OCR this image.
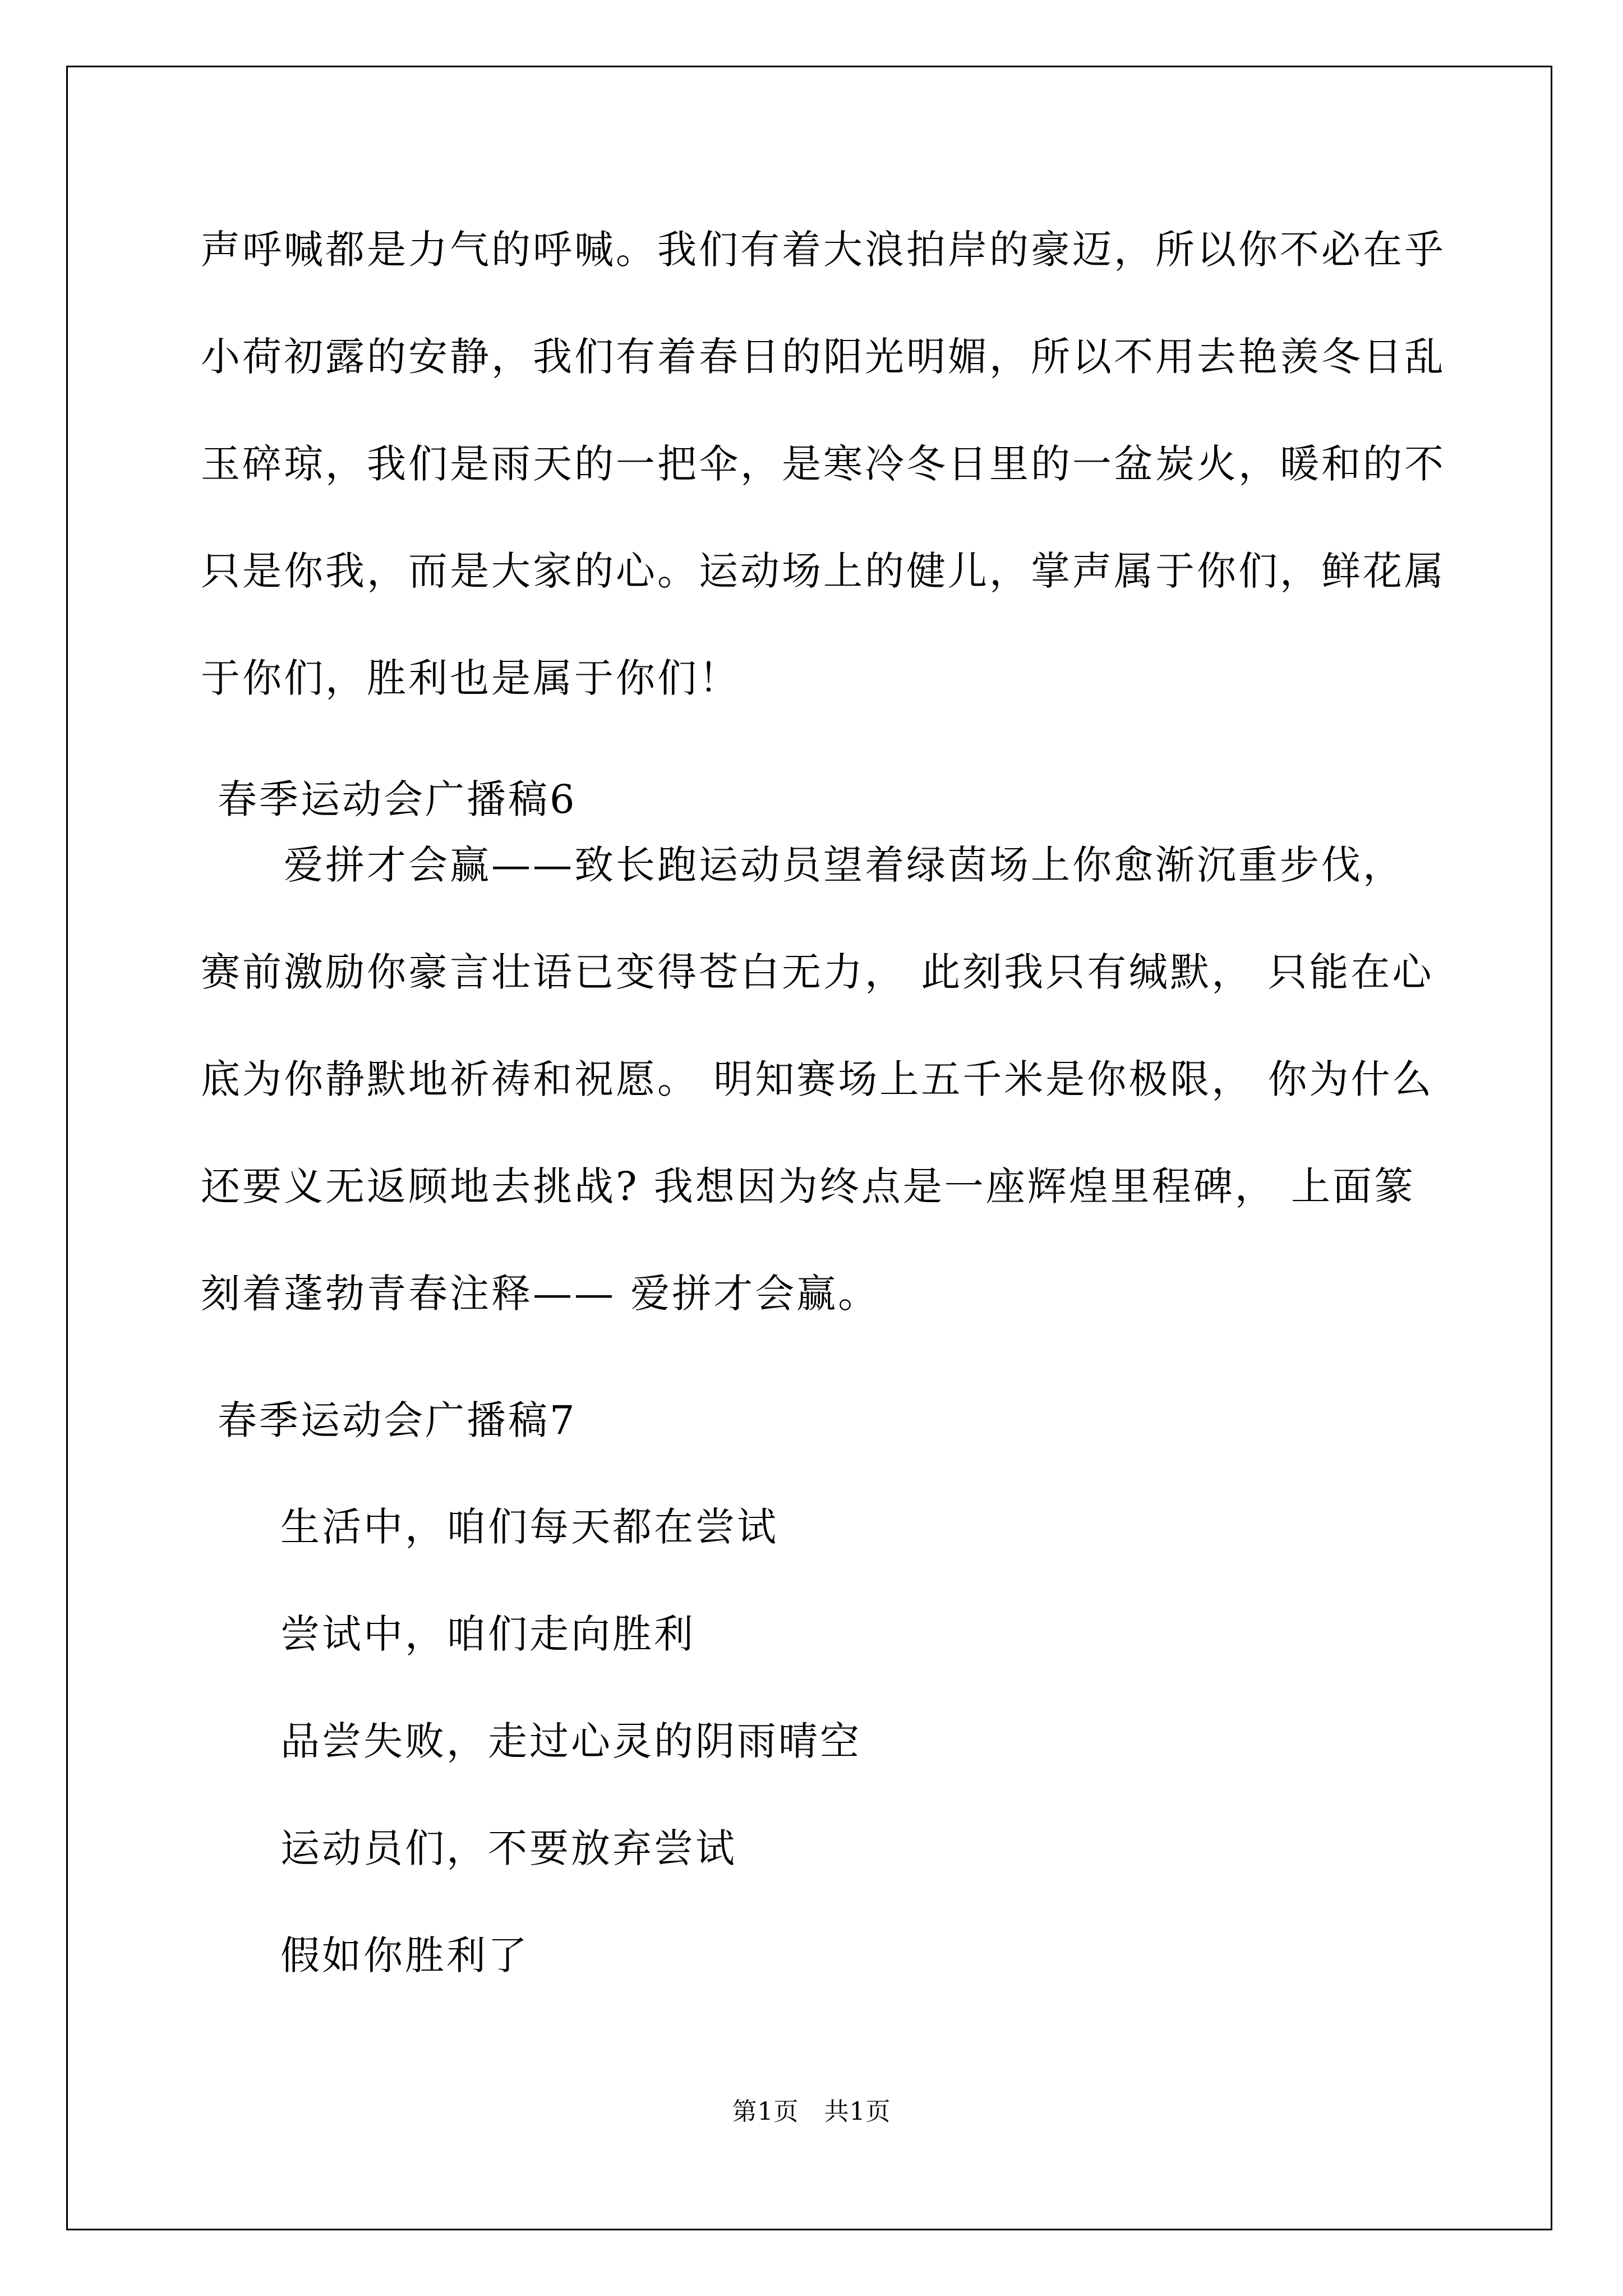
声呼喊都是力气的呼喊。我们有着大浪拍岸的豪迈，所以你不必在乎
小荷初露的安静，我们有着春日的阳光明媚，所以不用去艳羡冬日乱
玉碎琼，我们是雨天的一把伞，是寒冷冬日里的一盆炭火，暖和的不
只是你我，而是大家的心。运动场上的健儿，掌声属于你们，鲜花属
于你们，胜利也是属于你们！
春季运动会广播稿6
爱拼才会赢——致长跑运动员望着绿茵场上你愈渐沉重步伐，
赛前激励你豪言壮语已变得苍白无力， 此刻我只有缄默， 只能在心
底为你静默地祈祷和祝愿。 明知赛场上五千米是你极限， 你为什么
还要义无返顾地去挑战? 我想因为终点是一座辉煌里程碑， 上面篆
刻着蓬勃青春注释—— 爱拼才会赢。
春季运动会广播稿7
生活中，咱们每天都在尝试
尝试中，咱们走向胜利
品尝失败，走过心灵的阴雨晴空
运动员们，不要放弃尝试
假如你胜利了
第1页   共1页
